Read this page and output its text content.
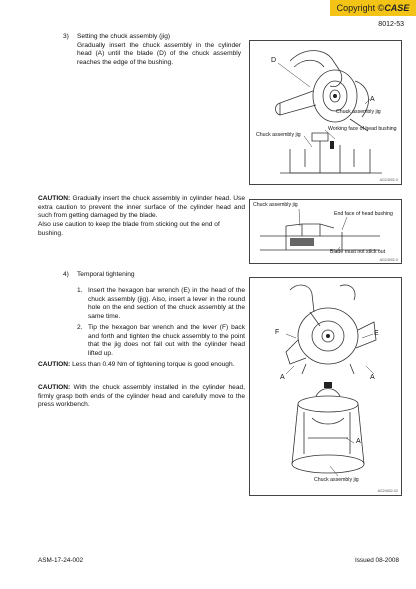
Copyright ©CASE
8012-53
3) Setting the chuck assembly (jig)
Gradually insert the chuck assembly in the cylinder head (A) until the blade (D) of the chuck assembly reaches the edge of the bushing.	D
A
Chuck assembly jig
Working face of head bushing
Chuck assembly jig
AG24002-0
CAUTION: Gradually insert the chuck assembly in cylinder head. Use extra caution to prevent the inner surface of the cylinder head and such from getting damaged by the blade.
Also use caution to keep the blade from sticking out the end of bushing.
Chuck assembly jig
End face of head bushing
Blade must not stick out
AG24002-0
4) Temporal tightening
1. Insert the hexagon bar wrench (E) in the head of the chuck assembly (jig). Also, insert a lever in the round hole on the end section of the chuck assembly at the same time.
2. Tip the hexagon bar wrench and the lever (F) back and forth and tighten the chuck assembly to the point that the jig does not fall out with the cylinder head lifted up.
CAUTION: Less than 0.49 Nm of tightening torque is good enough.
CAUTION: With the chuck assembly installed in the cylinder head, firmly grasp both ends of the cylinder head and carefully move to the press workbench.
F	E
A	A
A
Chuck assembly jig
AG24002-02
ASM-17-24-002	Issued 08-2008
